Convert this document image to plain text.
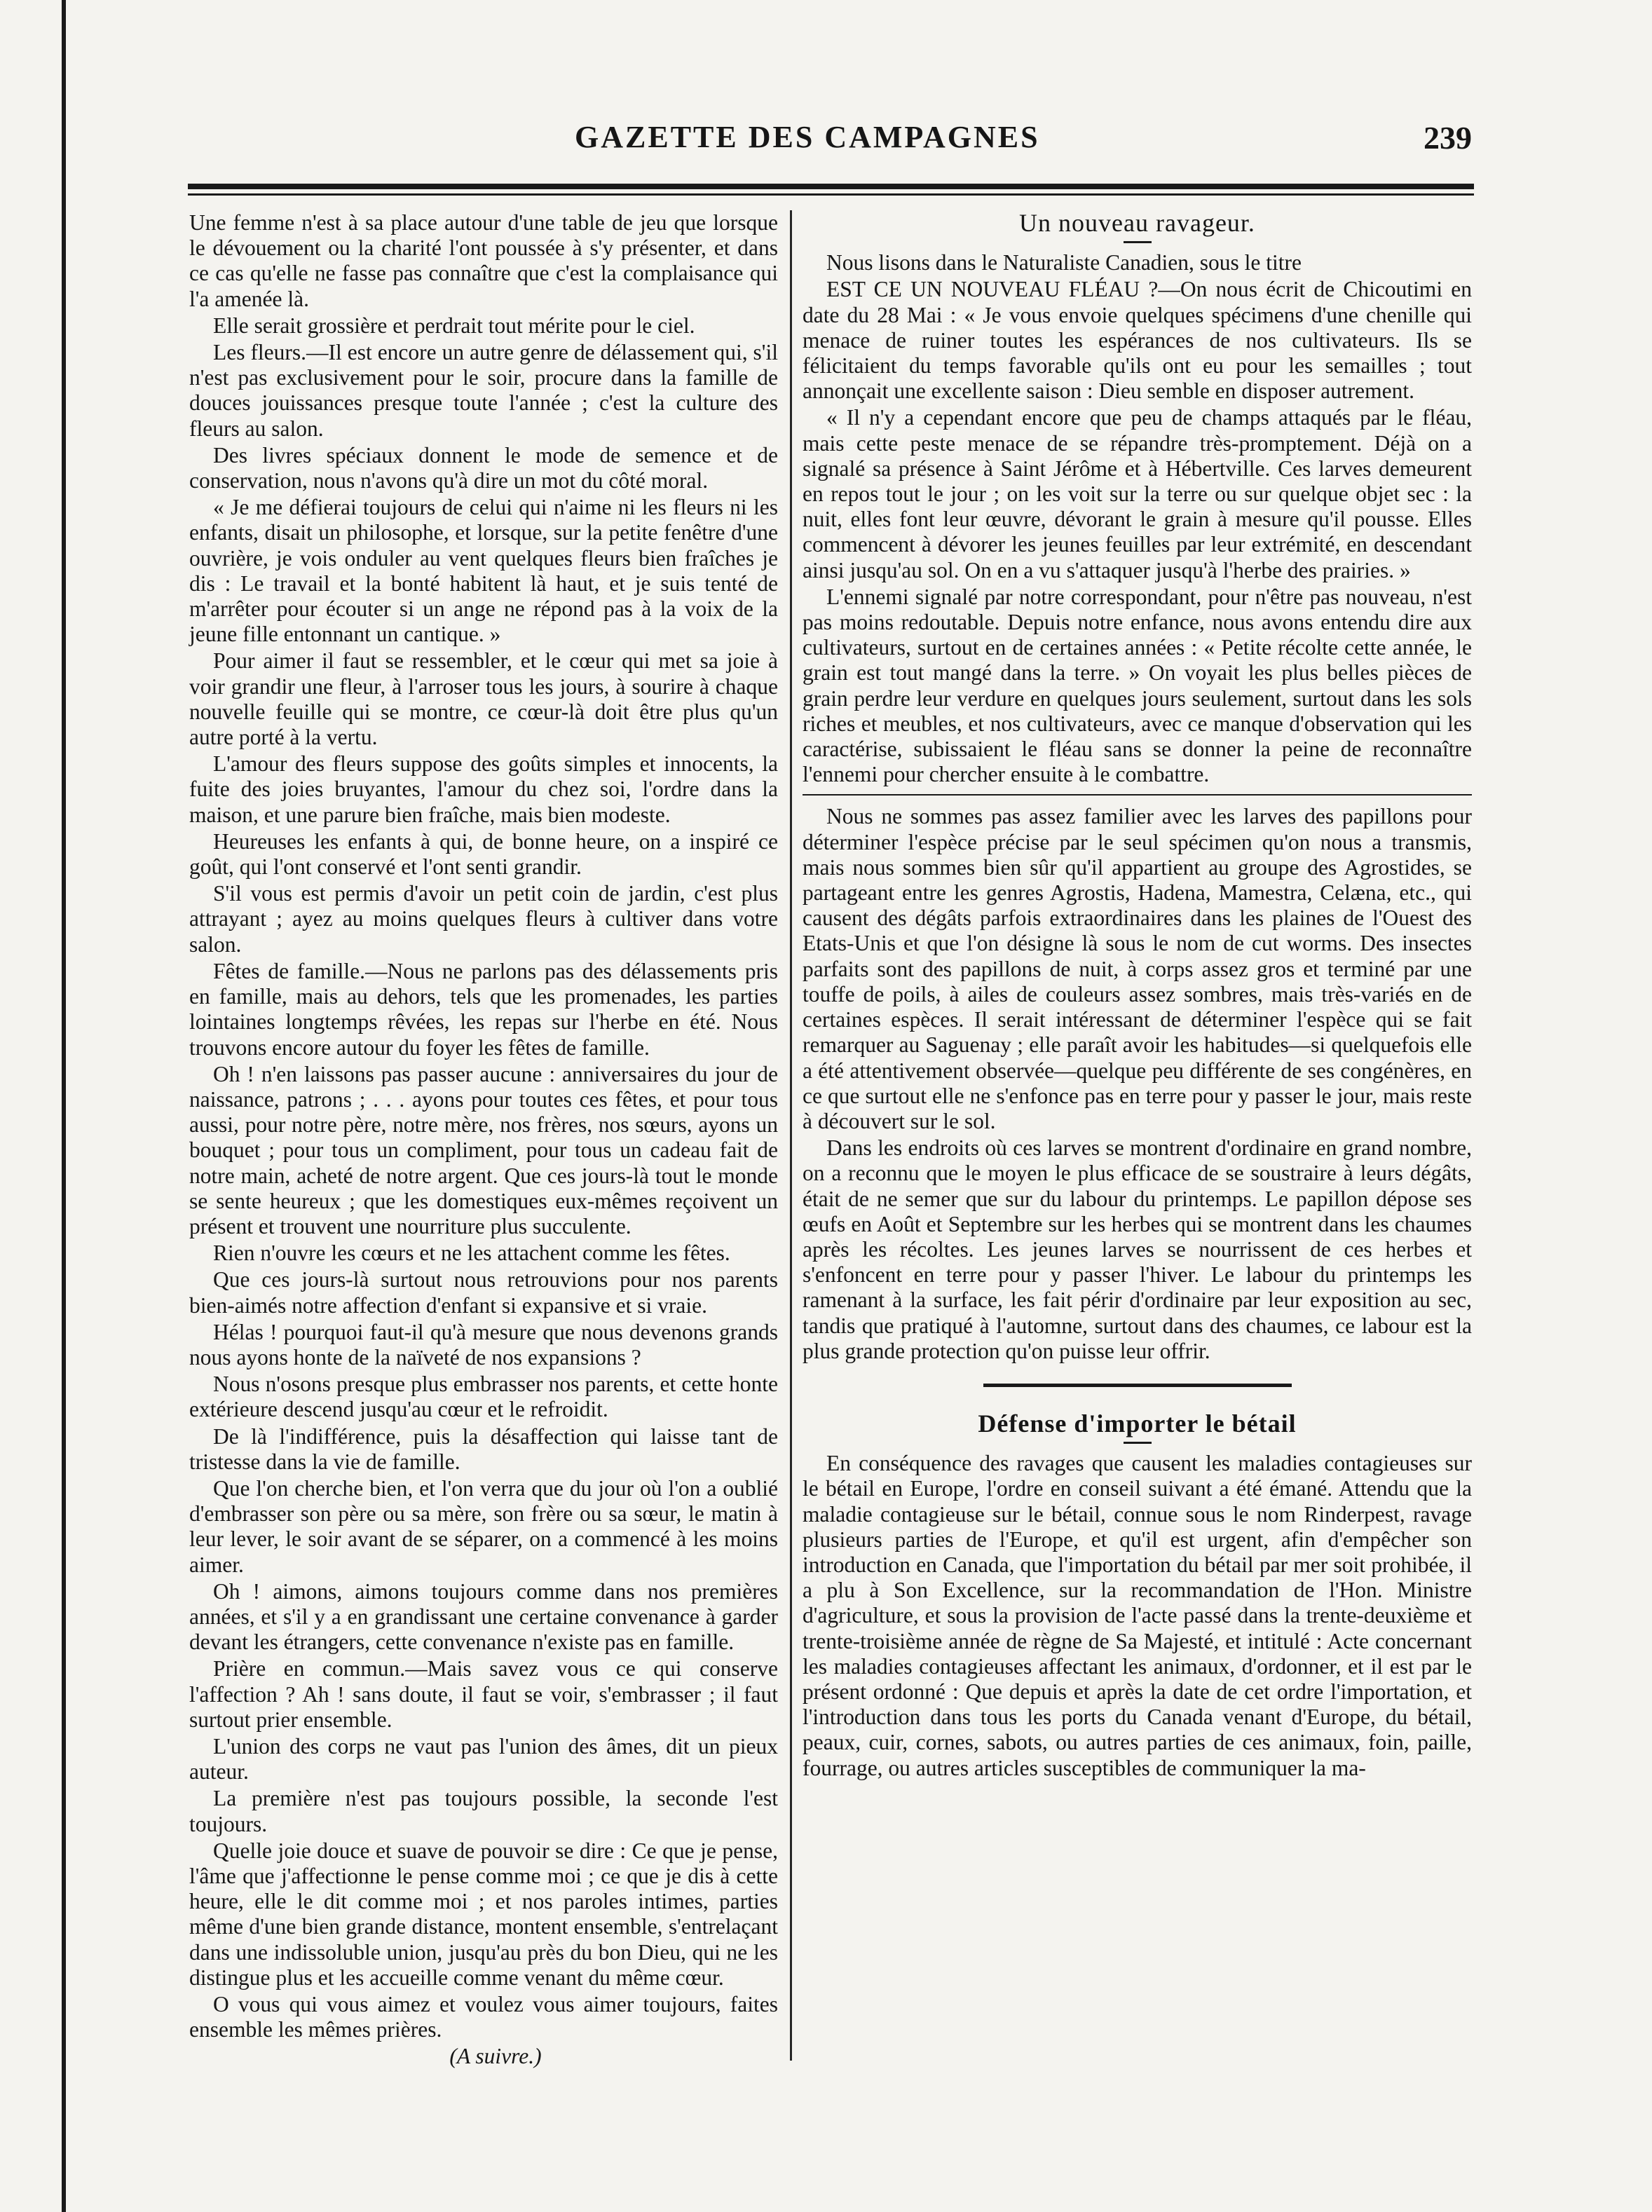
GAZETTE DES CAMPAGNES	239

Une femme n'est à sa place autour d'une table de jeu que lorsque le dévouement ou la charité l'ont poussée à s'y présenter, et dans ce cas qu'elle ne fasse pas connaître que c'est la complaisance qui l'a amenée là.

Elle serait grossière et perdrait tout mérite pour le ciel.

Les fleurs.—Il est encore un autre genre de délassement qui, s'il n'est pas exclusivement pour le soir, procure dans la famille de douces jouissances presque toute l'année ; c'est la culture des fleurs au salon.

Des livres spéciaux donnent le mode de semence et de conservation, nous n'avons qu'à dire un mot du côté moral.

« Je me défierai toujours de celui qui n'aime ni les fleurs ni les enfants, disait un philosophe, et lorsque, sur la petite fenêtre d'une ouvrière, je vois onduler au vent quelques fleurs bien fraîches je dis : Le travail et la bonté habitent là haut, et je suis tenté de m'arrêter pour écouter si un ange ne répond pas à la voix de la jeune fille entonnant un cantique. »

Pour aimer il faut se ressembler, et le cœur qui met sa joie à voir grandir une fleur, à l'arroser tous les jours, à sourire à chaque nouvelle feuille qui se montre, ce cœur-là doit être plus qu'un autre porté à la vertu.

L'amour des fleurs suppose des goûts simples et innocents, la fuite des joies bruyantes, l'amour du chez soi, l'ordre dans la maison, et une parure bien fraîche, mais bien modeste.

Heureuses les enfants à qui, de bonne heure, on a inspiré ce goût, qui l'ont conservé et l'ont senti grandir.

S'il vous est permis d'avoir un petit coin de jardin, c'est plus attrayant ; ayez au moins quelques fleurs à cultiver dans votre salon.

Fêtes de famille.—Nous ne parlons pas des délassements pris en famille, mais au dehors, tels que les promenades, les parties lointaines longtemps rêvées, les repas sur l'herbe en été. Nous trouvons encore autour du foyer les fêtes de famille.

Oh ! n'en laissons pas passer aucune : anniversaires du jour de naissance, patrons ; . . . ayons pour toutes ces fêtes, et pour tous aussi, pour notre père, notre mère, nos frères, nos sœurs, ayons un bouquet ; pour tous un compliment, pour tous un cadeau fait de notre main, acheté de notre argent. Que ces jours-là tout le monde se sente heureux ; que les domestiques eux-mêmes reçoivent un présent et trouvent une nourriture plus succulente.

Rien n'ouvre les cœurs et ne les attachent comme les fêtes.

Que ces jours-là surtout nous retrouvions pour nos parents bien-aimés notre affection d'enfant si expansive et si vraie.

Hélas ! pourquoi faut-il qu'à mesure que nous devenons grands nous ayons honte de la naïveté de nos expansions ?

Nous n'osons presque plus embrasser nos parents, et cette honte extérieure descend jusqu'au cœur et le refroidit.

De là l'indifférence, puis la désaffection qui laisse tant de tristesse dans la vie de famille.

Que l'on cherche bien, et l'on verra que du jour où l'on a oublié d'embrasser son père ou sa mère, son frère ou sa sœur, le matin à leur lever, le soir avant de se séparer, on a commencé à les moins aimer.

Oh ! aimons, aimons toujours comme dans nos premières années, et s'il y a en grandissant une certaine convenance à garder devant les étrangers, cette convenance n'existe pas en famille.

Prière en commun.—Mais savez vous ce qui conserve l'affection ? Ah ! sans doute, il faut se voir, s'embrasser ; il faut surtout prier ensemble.

L'union des corps ne vaut pas l'union des âmes, dit un pieux auteur.

La première n'est pas toujours possible, la seconde l'est toujours.

Quelle joie douce et suave de pouvoir se dire : Ce que je pense, l'âme que j'affectionne le pense comme moi ; ce que je dis à cette heure, elle le dit comme moi ; et nos paroles intimes, parties même d'une bien grande distance, montent ensemble, s'entrelaçant dans une indissoluble union, jusqu'au près du bon Dieu, qui ne les distingue plus et les accueille comme venant du même cœur.

O vous qui vous aimez et voulez vous aimer toujours, faites ensemble les mêmes prières.

(A suivre.)

Un nouveau ravageur.

Nous lisons dans le Naturaliste Canadien, sous le titre

EST CE UN NOUVEAU FLÉAU ?—On nous écrit de Chicoutimi en date du 28 Mai : « Je vous envoie quelques spécimens d'une chenille qui menace de ruiner toutes les espérances de nos cultivateurs. Ils se félicitaient du temps favorable qu'ils ont eu pour les semailles ; tout annonçait une excellente saison : Dieu semble en disposer autrement.

« Il n'y a cependant encore que peu de champs attaqués par le fléau, mais cette peste menace de se répandre très-promptement. Déjà on a signalé sa présence à Saint Jérôme et à Hébertville. Ces larves demeurent en repos tout le jour ; on les voit sur la terre ou sur quelque objet sec : la nuit, elles font leur œuvre, dévorant le grain à mesure qu'il pousse. Elles commencent à dévorer les jeunes feuilles par leur extrémité, en descendant ainsi jusqu'au sol. On en a vu s'attaquer jusqu'à l'herbe des prairies. »

L'ennemi signalé par notre correspondant, pour n'être pas nouveau, n'est pas moins redoutable. Depuis notre enfance, nous avons entendu dire aux cultivateurs, surtout en de certaines années : « Petite récolte cette année, le grain est tout mangé dans la terre. » On voyait les plus belles pièces de grain perdre leur verdure en quelques jours seulement, surtout dans les sols riches et meubles, et nos cultivateurs, avec ce manque d'observation qui les caractérise, subissaient le fléau sans se donner la peine de reconnaître l'ennemi pour chercher ensuite à le combattre.

Nous ne sommes pas assez familier avec les larves des papillons pour déterminer l'espèce précise par le seul spécimen qu'on nous a transmis, mais nous sommes bien sûr qu'il appartient au groupe des Agrostides, se partageant entre les genres Agrostis, Hadena, Mamestra, Celæna, etc., qui causent des dégâts parfois extraordinaires dans les plaines de l'Ouest des Etats-Unis et que l'on désigne là sous le nom de cut worms. Des insectes parfaits sont des papillons de nuit, à corps assez gros et terminé par une touffe de poils, à ailes de couleurs assez sombres, mais très-variés en de certaines espèces. Il serait intéressant de déterminer l'espèce qui se fait remarquer au Saguenay ; elle paraît avoir les habitudes—si quelquefois elle a été attentivement observée—quelque peu différente de ses congénères, en ce que surtout elle ne s'enfonce pas en terre pour y passer le jour, mais reste à découvert sur le sol.

Dans les endroits où ces larves se montrent d'ordinaire en grand nombre, on a reconnu que le moyen le plus efficace de se soustraire à leurs dégâts, était de ne semer que sur du labour du printemps. Le papillon dépose ses œufs en Août et Septembre sur les herbes qui se montrent dans les chaumes après les récoltes. Les jeunes larves se nourrissent de ces herbes et s'enfoncent en terre pour y passer l'hiver. Le labour du printemps les ramenant à la surface, les fait périr d'ordinaire par leur exposition au sec, tandis que pratiqué à l'automne, surtout dans des chaumes, ce labour est la plus grande protection qu'on puisse leur offrir.

Défense d'importer le bétail

En conséquence des ravages que causent les maladies contagieuses sur le bétail en Europe, l'ordre en conseil suivant a été émané. Attendu que la maladie contagieuse sur le bétail, connue sous le nom Rinderpest, ravage plusieurs parties de l'Europe, et qu'il est urgent, afin d'empêcher son introduction en Canada, que l'importation du bétail par mer soit prohibée, il a plu à Son Excellence, sur la recommandation de l'Hon. Ministre d'agriculture, et sous la provision de l'acte passé dans la trente-deuxième et trente-troisième année de règne de Sa Majesté, et intitulé : Acte concernant les maladies contagieuses affectant les animaux, d'ordonner, et il est par le présent ordonné : Que depuis et après la date de cet ordre l'importation, et l'introduction dans tous les ports du Canada venant d'Europe, du bétail, peaux, cuir, cornes, sabots, ou autres parties de ces animaux, foin, paille, fourrage, ou autres articles susceptibles de communiquer la ma-
